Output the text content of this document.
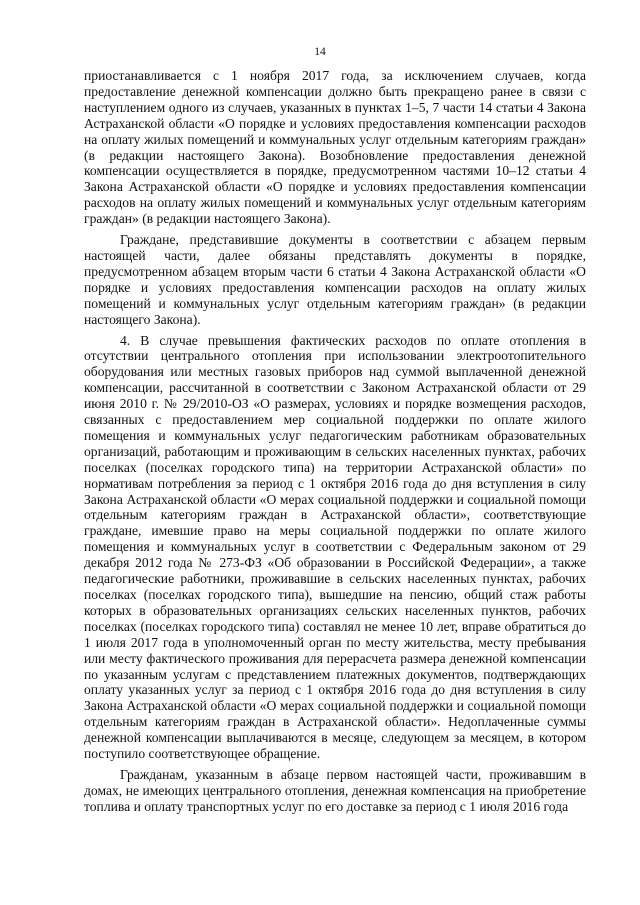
14

приостанавливается с 1 ноября 2017 года, за исключением случаев, когда предоставление денежной компенсации должно быть прекращено ранее в связи с наступлением одного из случаев, указанных в пунктах 1–5, 7 части 14 статьи 4 Закона Астраханской области «О порядке и условиях предоставления компенсации расходов на оплату жилых помещений и коммунальных услуг отдельным категориям граждан» (в редакции настоящего Закона). Возобновление предоставления денежной компенсации осуществляется в порядке, предусмотренном частями 10–12 статьи 4 Закона Астраханской области «О порядке и условиях предоставления компенсации расходов на оплату жилых помещений и коммунальных услуг отдельным категориям граждан» (в редакции настоящего Закона).

Граждане, представившие документы в соответствии с абзацем первым настоящей части, далее обязаны представлять документы в порядке, предусмотренном абзацем вторым части 6 статьи 4 Закона Астраханской области «О порядке и условиях предоставления компенсации расходов на оплату жилых помещений и коммунальных услуг отдельным категориям граждан» (в редакции настоящего Закона).

4. В случае превышения фактических расходов по оплате отопления в отсутствии центрального отопления при использовании электроотопительного оборудования или местных газовых приборов над суммой выплаченной денежной компенсации, рассчитанной в соответствии с Законом Астраханской области от 29 июня 2010 г. № 29/2010-ОЗ «О размерах, условиях и порядке возмещения расходов, связанных с предоставлением мер социальной поддержки по оплате жилого помещения и коммунальных услуг педагогическим работникам образовательных организаций, работающим и проживающим в сельских населенных пунктах, рабочих поселках (поселках городского типа) на территории Астраханской области» по нормативам потребления за период с 1 октября 2016 года до дня вступления в силу Закона Астраханской области «О мерах социальной поддержки и социальной помощи отдельным категориям граждан в Астраханской области», соответствующие граждане, имевшие право на меры социальной поддержки по оплате жилого помещения и коммунальных услуг в соответствии с Федеральным законом от 29 декабря 2012 года № 273-ФЗ «Об образовании в Российской Федерации», а также педагогические работники, проживавшие в сельских населенных пунктах, рабочих поселках (поселках городского типа), вышедшие на пенсию, общий стаж работы которых в образовательных организациях сельских населенных пунктов, рабочих поселках (поселках городского типа) составлял не менее 10 лет, вправе обратиться до 1 июля 2017 года в уполномоченный орган по месту жительства, месту пребывания или месту фактического проживания для перерасчета размера денежной компенсации по указанным услугам с представлением платежных документов, подтверждающих оплату указанных услуг за период с 1 октября 2016 года до дня вступления в силу Закона Астраханской области «О мерах социальной поддержки и социальной помощи отдельным категориям граждан в Астраханской области». Недоплаченные суммы денежной компенсации выплачиваются в месяце, следующем за месяцем, в котором поступило соответствующее обращение.

Гражданам, указанным в абзаце первом настоящей части, проживавшим в домах, не имеющих центрального отопления, денежная компенсация на приобретение топлива и оплату транспортных услуг по его доставке за период с 1 июля 2016 года
